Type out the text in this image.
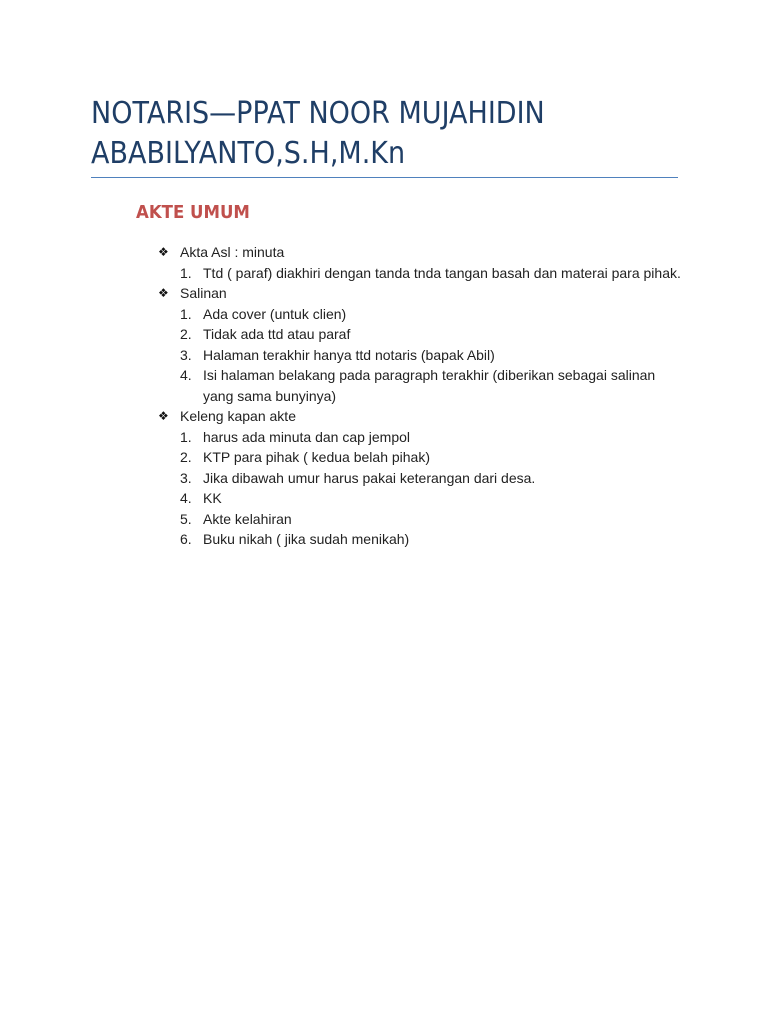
NOTARIS—PPAT NOOR MUJAHIDIN
ABABILYANTO,S.H,M.Kn
AKTE UMUM
❖ Akta Asl : minuta
1. Ttd ( paraf) diakhiri dengan tanda tnda tangan basah dan materai para pihak.
❖ Salinan
1. Ada cover (untuk clien)
2. Tidak ada ttd atau paraf
3. Halaman terakhir hanya ttd notaris (bapak Abil)
4. Isi halaman belakang pada paragraph terakhir (diberikan sebagai salinan yang sama bunyinya)
❖ Keleng kapan akte
1. harus ada minuta dan cap jempol
2. KTP para pihak ( kedua belah pihak)
3. Jika dibawah umur harus pakai keterangan dari desa.
4. KK
5. Akte kelahiran
6. Buku nikah ( jika sudah menikah)
